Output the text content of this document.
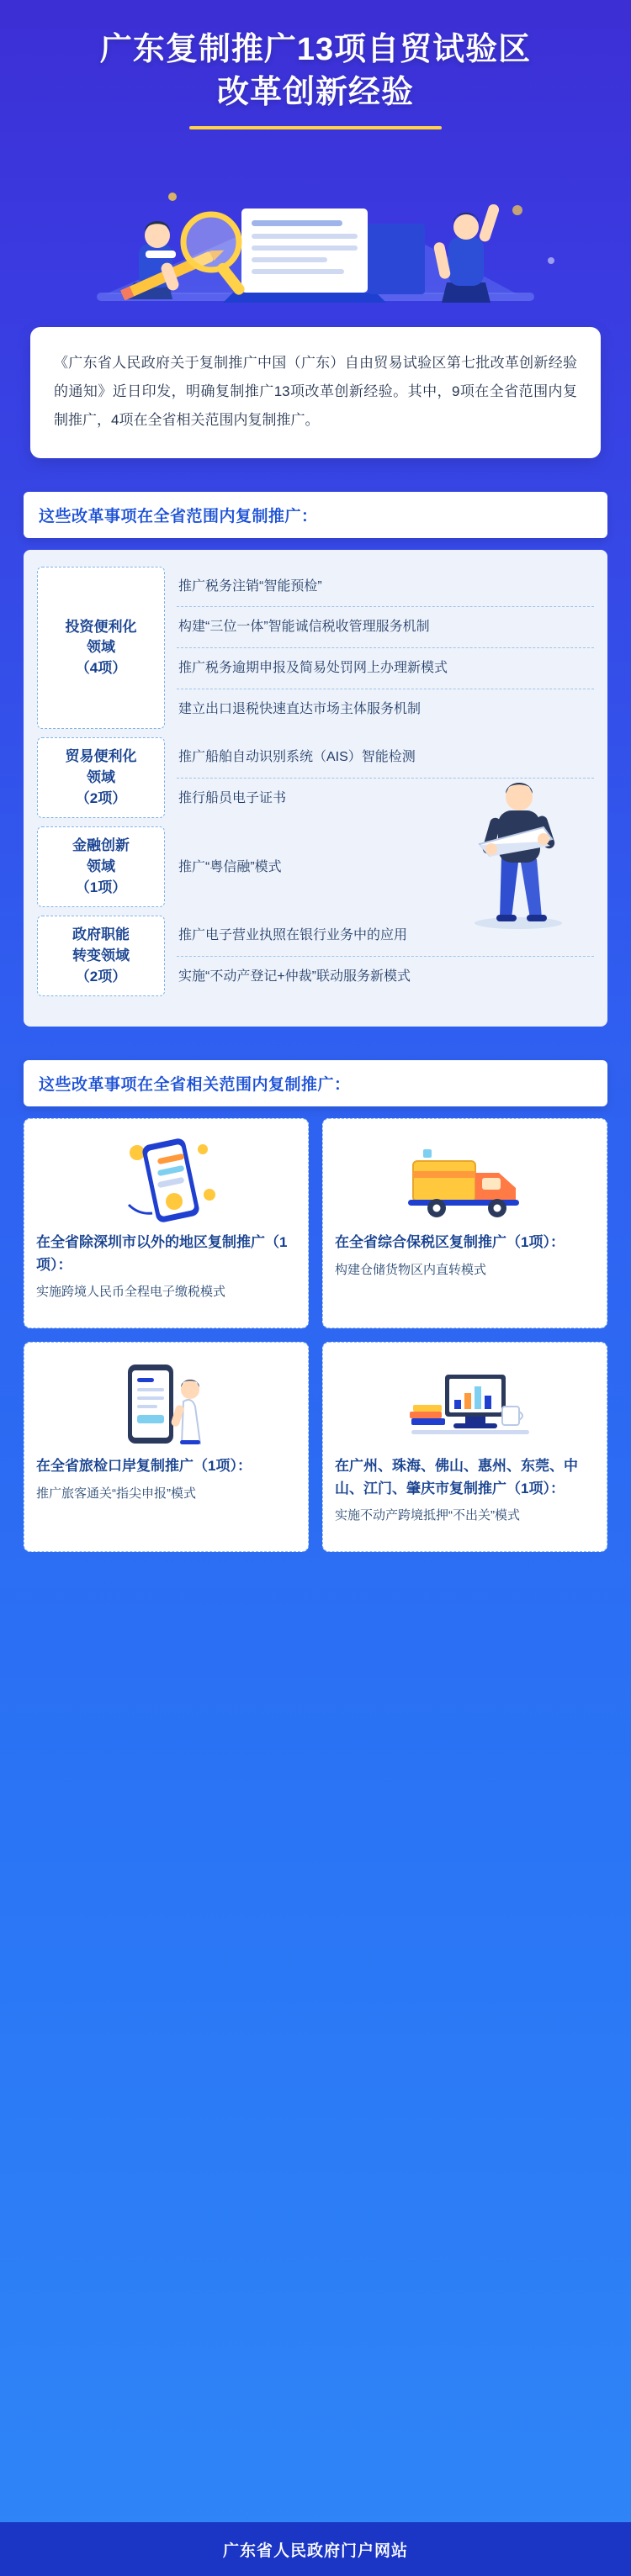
广东复制推广13项自贸试验区
改革创新经验

《广东省人民政府关于复制推广中国（广东）自由贸易试验区第七批改革创新经验的通知》近日印发，明确复制推广13项改革创新经验。其中，9项在全省范围内复制推广，4项在全省相关范围内复制推广。

这些改革事项在全省范围内复制推广：
投资便利化
领域
（4项）
推广税务注销“智能预检”
构建“三位一体”智能诚信税收管理服务机制
推广税务逾期申报及简易处罚网上办理新模式
建立出口退税快速直达市场主体服务机制
贸易便利化
领域
（2项）
推广船舶自动识别系统（AIS）智能检测
推行船员电子证书
金融创新
领域
（1项）
推广“粤信融”模式
政府职能
转变领域
（2项）
推广电子营业执照在银行业务中的应用
实施“不动产登记+仲裁”联动服务新模式
这些改革事项在全省相关范围内复制推广：
在全省除深圳市以外的地区复制推广（1项）：
实施跨境人民币全程电子缴税模式
在全省综合保税区复制推广（1项）：
构建仓储货物区内直转模式
在全省旅检口岸复制推广（1项）：
推广旅客通关“指尖申报”模式
在广州、珠海、佛山、惠州、东莞、中山、江门、肇庆市复制推广（1项）：
实施不动产跨境抵押“不出关”模式
广东省人民政府门户网站
